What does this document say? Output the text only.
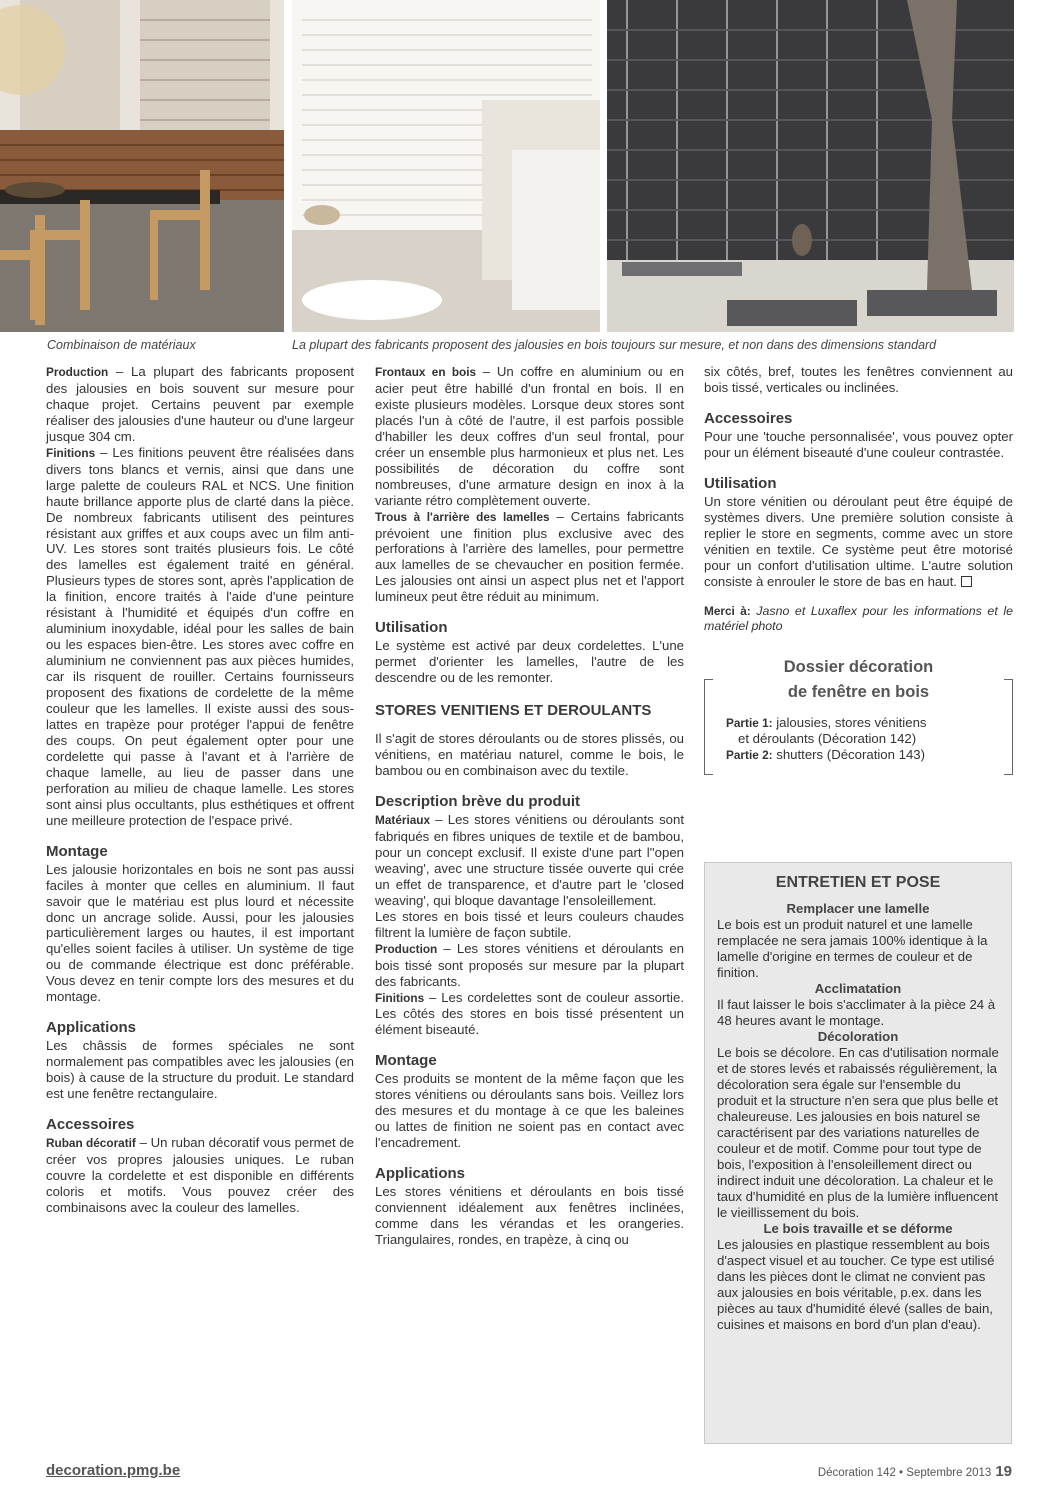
Combinaison de matériaux	La plupart des fabricants proposent des jalousies en bois toujours sur mesure, et non dans des dimensions standard

Production – La plupart des fabricants proposent des jalousies en bois souvent sur mesure pour chaque projet. Certains peuvent par exemple réaliser des jalousies d'une hauteur ou d'une largeur jusque 304 cm.

Finitions – Les finitions peuvent être réalisées dans divers tons blancs et vernis, ainsi que dans une large palette de couleurs RAL et NCS. Une finition haute brillance apporte plus de clarté dans la pièce. De nombreux fabricants utilisent des peintures résistant aux griffes et aux coups avec un film anti-UV. Les stores sont traités plusieurs fois. Le côté des lamelles est également traité en général. Plusieurs types de stores sont, après l'application de la finition, encore traités à l'aide d'une peinture résistant à l'humidité et équipés d'un coffre en aluminium inoxydable, idéal pour les salles de bain ou les espaces bien-être. Les stores avec coffre en aluminium ne conviennent pas aux pièces humides, car ils risquent de rouiller. Certains fournisseurs proposent des fixations de cordelette de la même couleur que les lamelles. Il existe aussi des sous-lattes en trapèze pour protéger l'appui de fenêtre des coups. On peut également opter pour une cordelette qui passe à l'avant et à l'arrière de chaque lamelle, au lieu de passer dans une perforation au milieu de chaque lamelle. Les stores sont ainsi plus occultants, plus esthétiques et offrent une meilleure protection de l'espace privé.

Montage

Les jalousie horizontales en bois ne sont pas aussi faciles à monter que celles en aluminium. Il faut savoir que le matériau est plus lourd et nécessite donc un ancrage solide. Aussi, pour les jalousies particulièrement larges ou hautes, il est important qu'elles soient faciles à utiliser. Un système de tige ou de commande électrique est donc préférable. Vous devez en tenir compte lors des mesures et du montage.

Applications

Les châssis de formes spéciales ne sont normalement pas compatibles avec les jalousies (en bois) à cause de la structure du produit. Le standard est une fenêtre rectangulaire.

Accessoires

Ruban décoratif – Un ruban décoratif vous permet de créer vos propres jalousies uniques. Le ruban couvre la cordelette et est disponible en différents coloris et motifs. Vous pouvez créer des combinaisons avec la couleur des lamelles.

Frontaux en bois – Un coffre en aluminium ou en acier peut être habillé d'un frontal en bois. Il en existe plusieurs modèles. Lorsque deux stores sont placés l'un à côté de l'autre, il est parfois possible d'habiller les deux coffres d'un seul frontal, pour créer un ensemble plus harmonieux et plus net. Les possibilités de décoration du coffre sont nombreuses, d'une armature design en inox à la variante rétro complètement ouverte.

Trous à l'arrière des lamelles – Certains fabricants prévoient une finition plus exclusive avec des perforations à l'arrière des lamelles, pour permettre aux lamelles de se chevaucher en position fermée. Les jalousies ont ainsi un aspect plus net et l'apport lumineux peut être réduit au minimum.

Utilisation

Le système est activé par deux cordelettes. L'une permet d'orienter les lamelles, l'autre de les descendre ou de les remonter.

STORES VENITIENS ET DEROULANTS

Il s'agit de stores déroulants ou de stores plissés, ou vénitiens, en matériau naturel, comme le bois, le bambou ou en combinaison avec du textile.

Description brève du produit

Matériaux – Les stores vénitiens ou déroulants sont fabriqués en fibres uniques de textile et de bambou, pour un concept exclusif. Il existe d'une part l''open weaving', avec une structure tissée ouverte qui crée un effet de transparence, et d'autre part le 'closed weaving', qui bloque davantage l'ensoleillement.

Les stores en bois tissé et leurs couleurs chaudes filtrent la lumière de façon subtile.

Production – Les stores vénitiens et déroulants en bois tissé sont proposés sur mesure par la plupart des fabricants.

Finitions – Les cordelettes sont de couleur assortie. Les côtés des stores en bois tissé présentent un élément biseauté.

Montage

Ces produits se montent de la même façon que les stores vénitiens ou déroulants sans bois. Veillez lors des mesures et du montage à ce que les baleines ou lattes de finition ne soient pas en contact avec l'encadrement.

Applications

Les stores vénitiens et déroulants en bois tissé conviennent idéalement aux fenêtres inclinées, comme dans les vérandas et les orangeries. Triangulaires, rondes, en trapèze, à cinq ou

six côtés, bref, toutes les fenêtres conviennent au bois tissé, verticales ou inclinées.

Accessoires

Pour une 'touche personnalisée', vous pouvez opter pour un élément biseauté d'une couleur contrastée.

Utilisation

Un store vénitien ou déroulant peut être équipé de systèmes divers. Une première solution consiste à replier le store en segments, comme avec un store vénitien en textile. Ce système peut être motorisé pour un confort d'utilisation ultime. L'autre solution consiste à enrouler le store de bas en haut.

Merci à: Jasno et Luxaflex pour les informations et le matériel photo

Dossier décoration
de fenêtre en bois
Partie 1: jalousies, stores vénitiens
et déroulants (Décoration 142)
Partie 2: shutters (Décoration 143)
ENTRETIEN ET POSE
Remplacer une lamelle

Le bois est un produit naturel et une lamelle remplacée ne sera jamais 100% identique à la lamelle d'origine en termes de couleur et de finition.

Acclimatation

Il faut laisser le bois s'acclimater à la pièce 24 à 48 heures avant le montage.

Décoloration

Le bois se décolore. En cas d'utilisation normale et de stores levés et rabaissés régulièrement, la décoloration sera égale sur l'ensemble du produit et la structure n'en sera que plus belle et chaleureuse. Les jalousies en bois naturel se caractérisent par des variations naturelles de couleur et de motif. Comme pour tout type de bois, l'exposition à l'ensoleillement direct ou indirect induit une décoloration. La chaleur et le taux d'humidité en plus de la lumière influencent le vieillissement du bois.

Le bois travaille et se déforme

Les jalousies en plastique ressemblent au bois d'aspect visuel et au toucher. Ce type est utilisé dans les pièces dont le climat ne convient pas aux jalousies en bois véritable, p.ex. dans les pièces au taux d'humidité élevé (salles de bain, cuisines et maisons en bord d'un plan d'eau).

decoration.pmg.be	Décoration 142 • Septembre 2013 19
